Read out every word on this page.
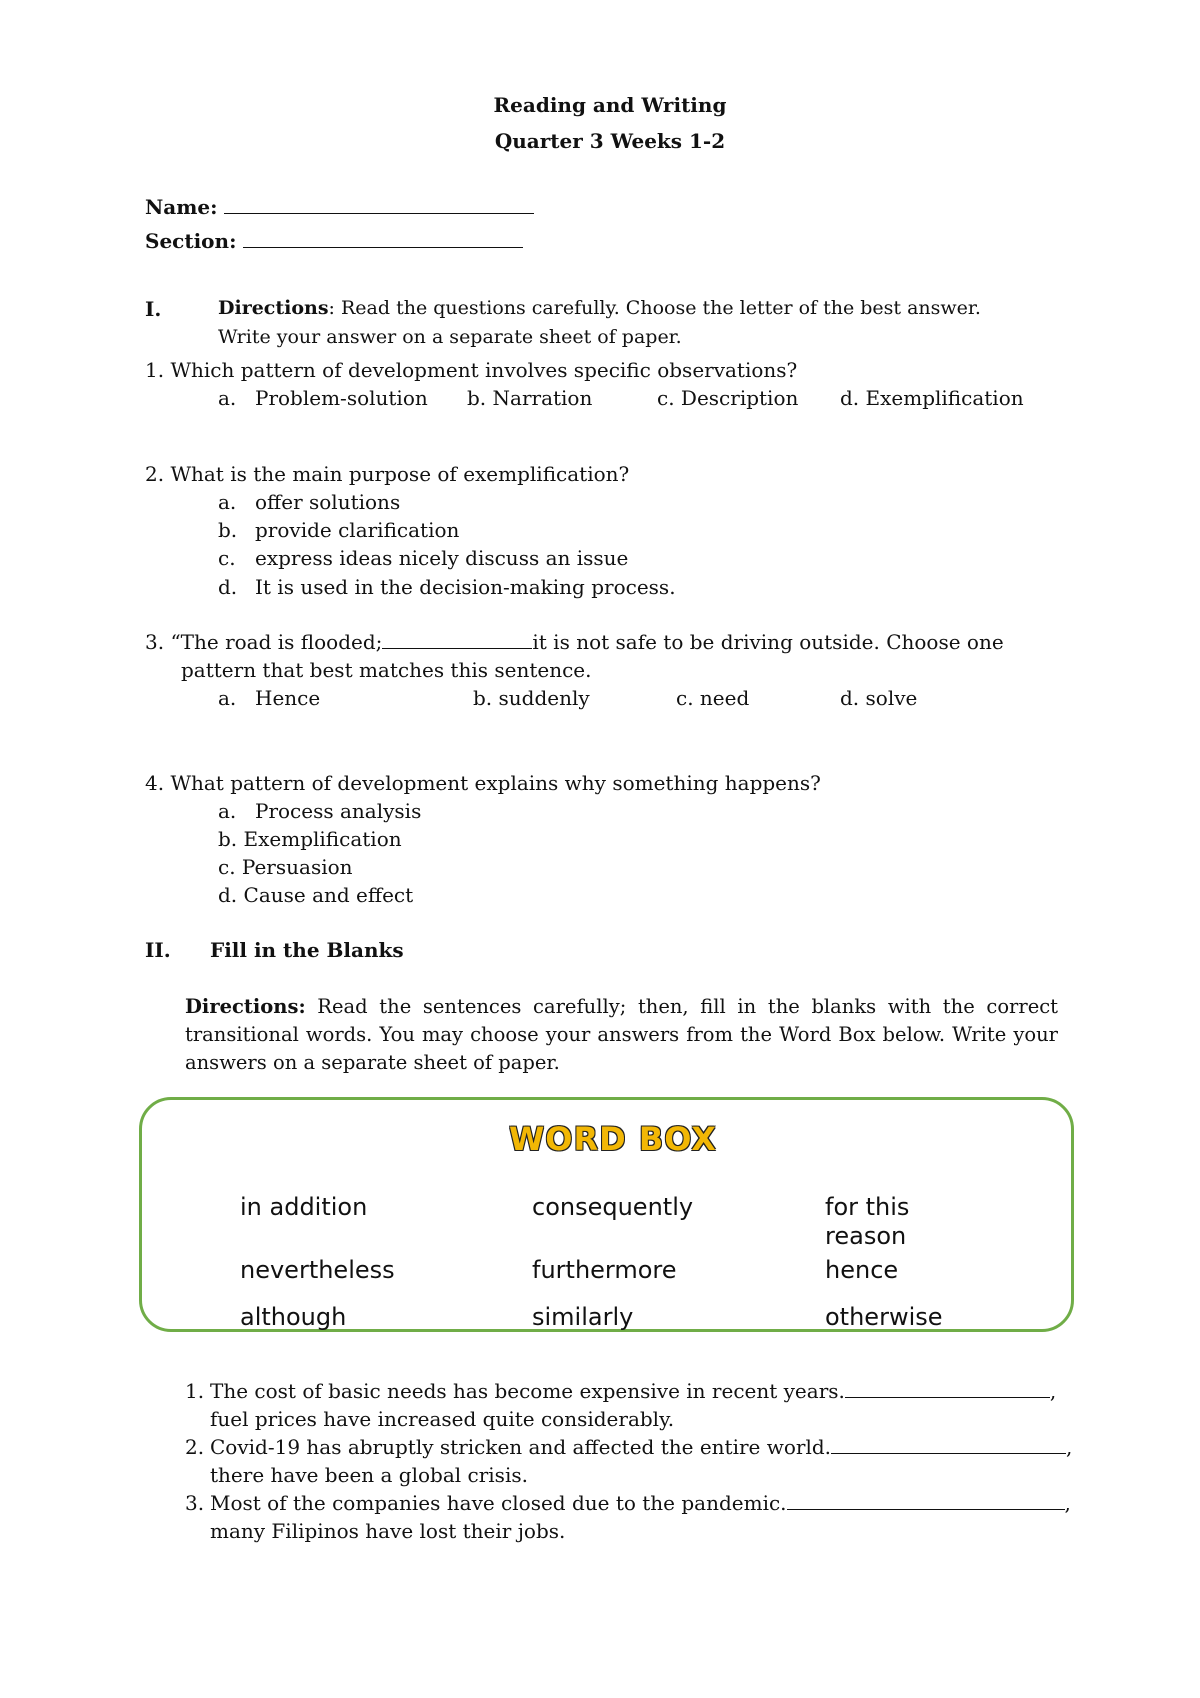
Reading and Writing
Quarter 3 Weeks 1-2
Name:
Section:
I.	Directions: Read the questions carefully. Choose the letter of the best answer.
Write your answer on a separate sheet of paper.
1. Which pattern of development involves specific observations?
a. Problem-solution b. Narration	c. Description d. Exemplification
2. What is the main purpose of exemplification?
a. offer solutions
b. provide clarification
c. express ideas nicely discuss an issue
d. It is used in the decision-making process.
3. “The road is flooded;	it is not safe to be driving outside. Choose one
pattern that best matches this sentence.
a. Hence	b. suddenly	c. need	d. solve
4. What pattern of development explains why something happens?
a. Process analysis
b. Exemplification
c. Persuasion
d. Cause and effect
II. Fill in the Blanks
Directions: Read the sentences carefully; then, fill in the blanks with the correct transitional words. You may choose your answers from the Word Box below. Write your answers on a separate sheet of paper.
WORD BOX
in addition	consequently	for this reason
nevertheless	furthermore	hence
although	similarly	otherwise
1. The cost of basic needs has become expensive in recent years.	,
fuel prices have increased quite considerably.
2. Covid-19 has abruptly stricken and affected the entire world.	,
there have been a global crisis.
3. Most of the companies have closed due to the pandemic.	,
many Filipinos have lost their jobs.
